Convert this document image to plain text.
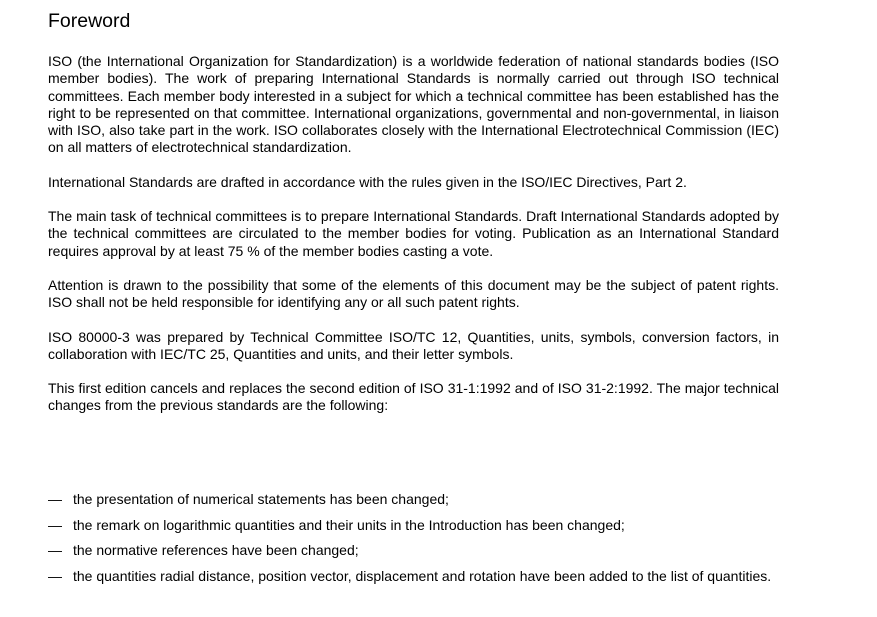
Foreword

ISO (the International Organization for Standardization) is a worldwide federation of national standards bodies (ISO member bodies). The work of preparing International Standards is normally carried out through ISO technical committees. Each member body interested in a subject for which a technical committee has been established has the right to be represented on that committee. International organizations, governmental and non-governmental, in liaison with ISO, also take part in the work. ISO collaborates closely with the International Electrotechnical Commission (IEC) on all matters of electrotechnical standardization.

International Standards are drafted in accordance with the rules given in the ISO/IEC Directives, Part 2.

The main task of technical committees is to prepare International Standards. Draft International Standards adopted by the technical committees are circulated to the member bodies for voting. Publication as an International Standard requires approval by at least 75 % of the member bodies casting a vote.

Attention is drawn to the possibility that some of the elements of this document may be the subject of patent rights. ISO shall not be held responsible for identifying any or all such patent rights.

ISO 80000-3 was prepared by Technical Committee ISO/TC 12, Quantities, units, symbols, conversion factors, in collaboration with IEC/TC 25, Quantities and units, and their letter symbols.

This first edition cancels and replaces the second edition of ISO 31-1:1992 and of ISO 31-2:1992. The major technical changes from the previous standards are the following:

— the presentation of numerical statements has been changed;
— the remark on logarithmic quantities and their units in the Introduction has been changed;
— the normative references have been changed;
— the quantities radial distance, position vector, displacement and rotation have been added to the list of quantities.
